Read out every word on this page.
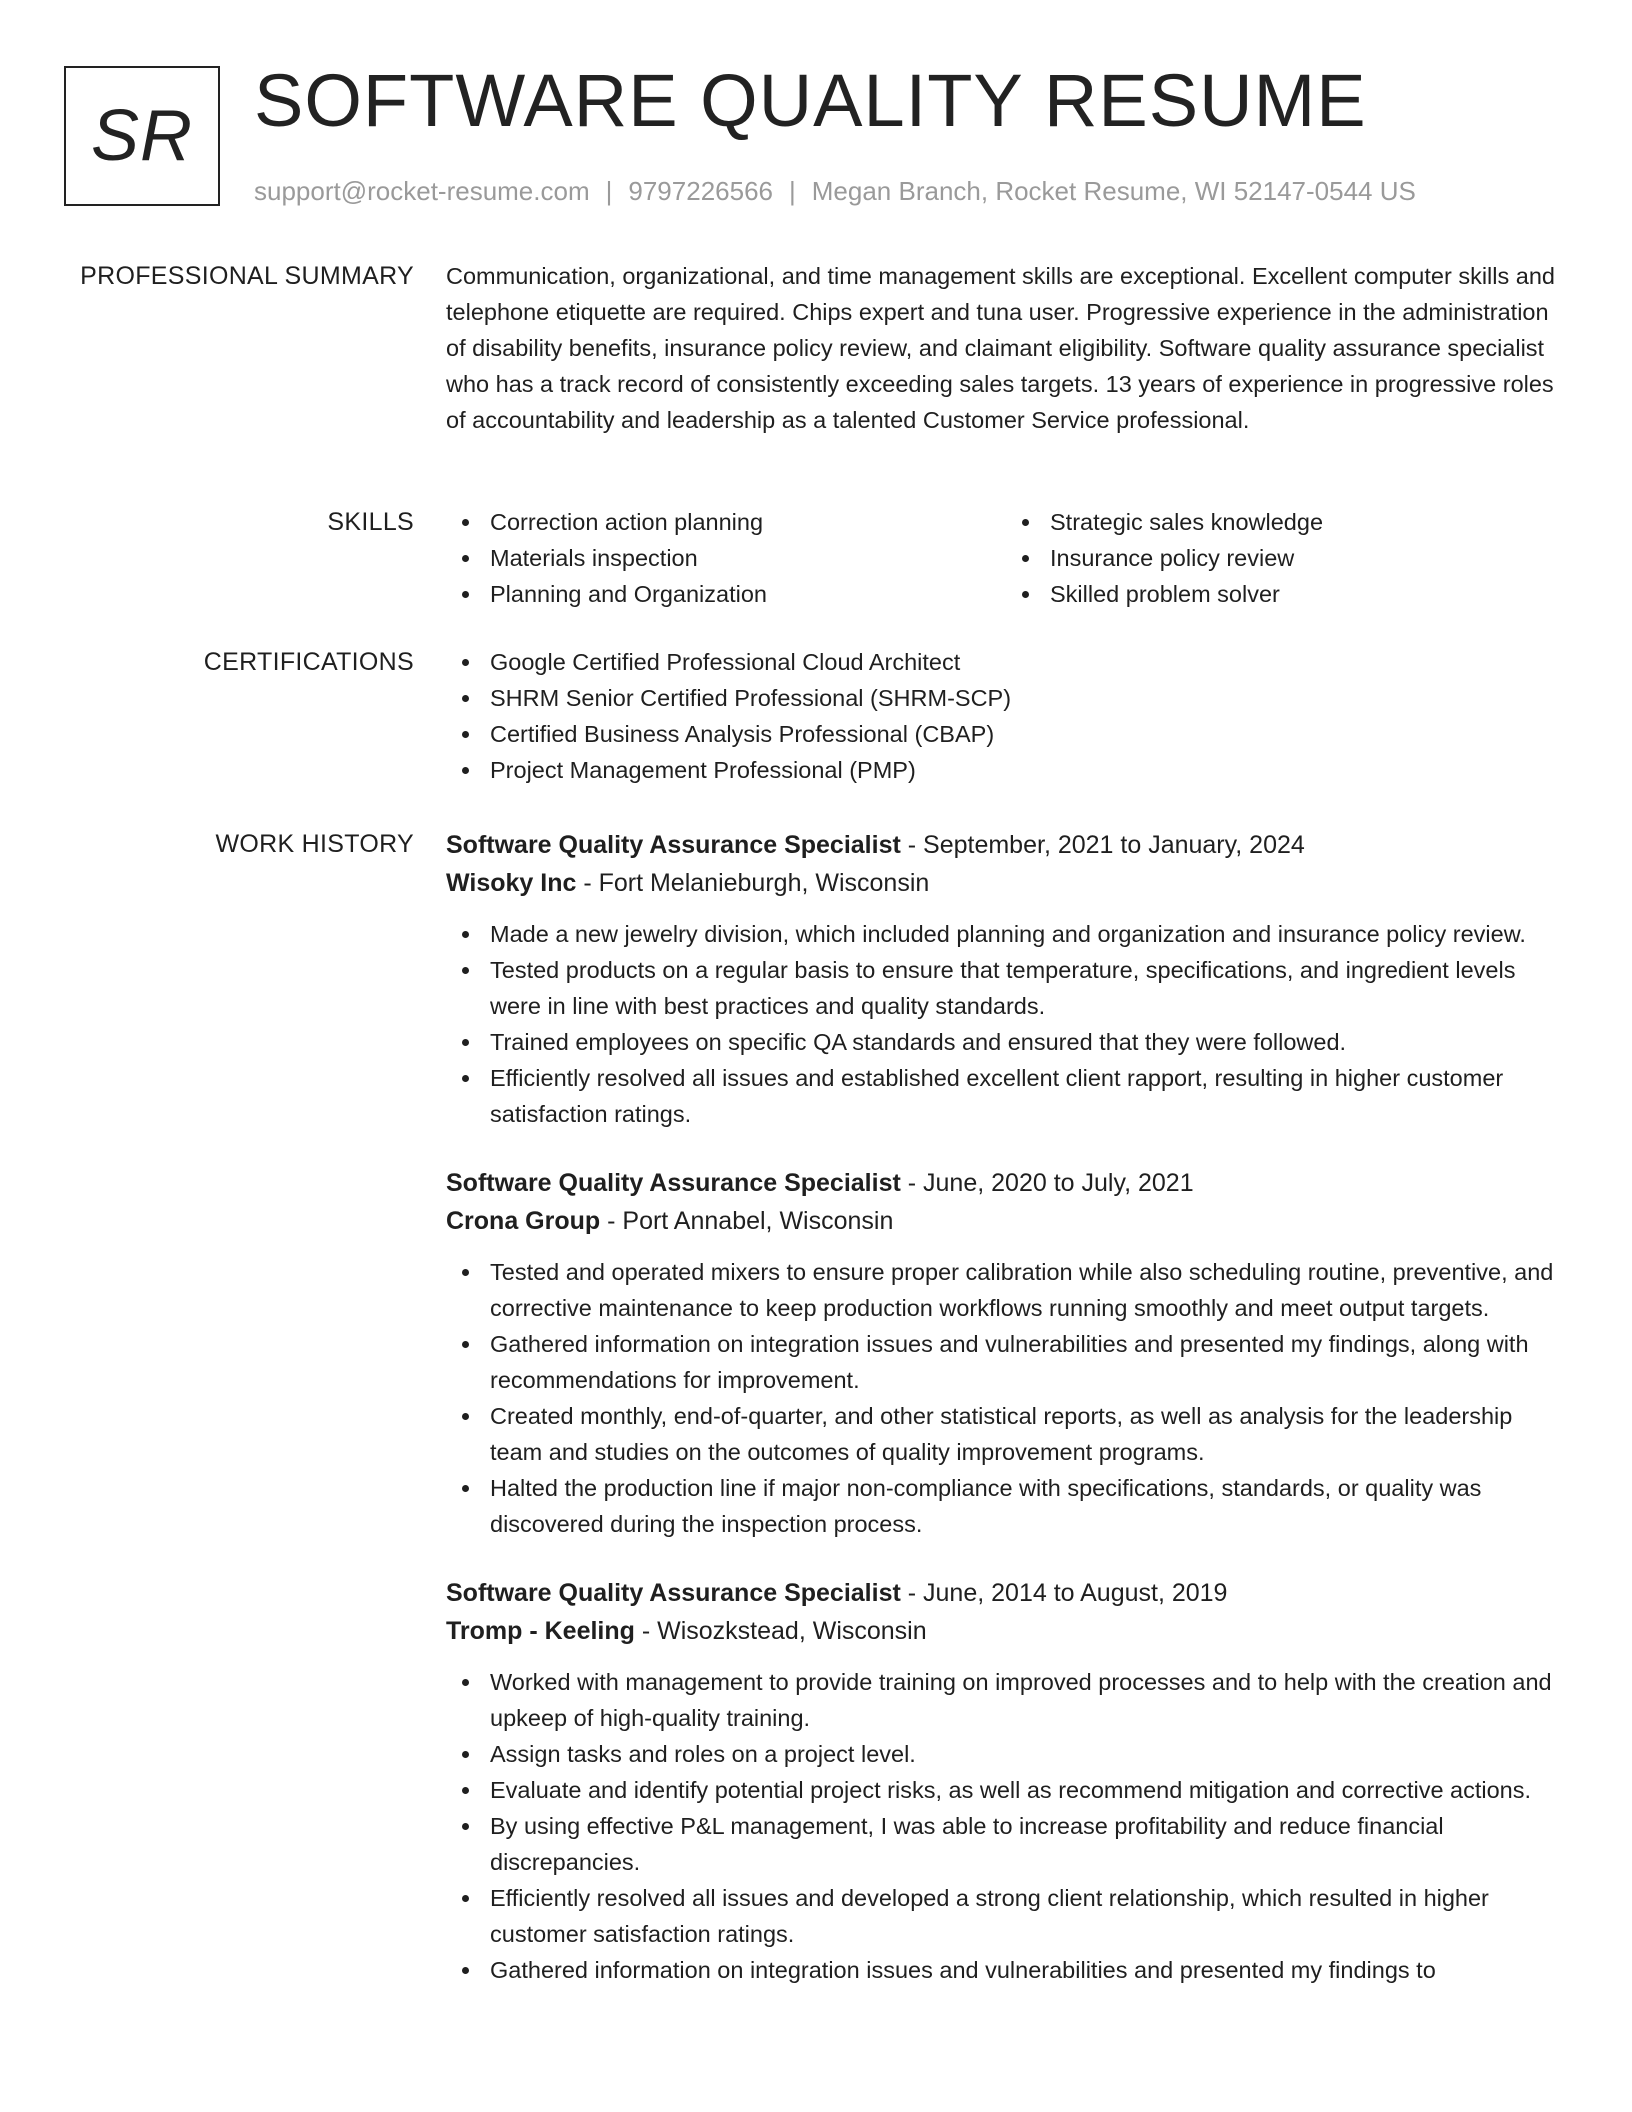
SR SOFTWARE QUALITY RESUME
support@rocket-resume.com | 9797226566 | Megan Branch, Rocket Resume, WI 52147-0544 US
PROFESSIONAL SUMMARY Communication, organizational, and time management skills are exceptional. Excellent computer skills and telephone etiquette are required. Chips expert and tuna user. Progressive experience in the administration of disability benefits, insurance policy review, and claimant eligibility. Software quality assurance specialist who has a track record of consistently exceeding sales targets. 13 years of experience in progressive roles of accountability and leadership as a talented Customer Service professional.

SKILLS	Correction action planning
Materials inspection
Planning and Organization
Strategic sales knowledge
Insurance policy review
Skilled problem solver
CERTIFICATIONS	Google Certified Professional Cloud Architect
SHRM Senior Certified Professional (SHRM-SCP)
Certified Business Analysis Professional (CBAP)
Project Management Professional (PMP)
WORK HISTORY Software Quality Assurance Specialist - September, 2021 to January, 2024
Wisoky Inc - Fort Melanieburgh, Wisconsin
Made a new jewelry division, which included planning and organization and insurance policy review.
Tested products on a regular basis to ensure that temperature, specifications, and ingredient levels were in line with best practices and quality standards.
Trained employees on specific QA standards and ensured that they were followed.
Efficiently resolved all issues and established excellent client rapport, resulting in higher customer satisfaction ratings.
Software Quality Assurance Specialist - June, 2020 to July, 2021
Crona Group - Port Annabel, Wisconsin
Tested and operated mixers to ensure proper calibration while also scheduling routine, preventive, and corrective maintenance to keep production workflows running smoothly and meet output targets.
Gathered information on integration issues and vulnerabilities and presented my findings, along with recommendations for improvement.
Created monthly, end-of-quarter, and other statistical reports, as well as analysis for the leadership team and studies on the outcomes of quality improvement programs.
Halted the production line if major non-compliance with specifications, standards, or quality was discovered during the inspection process.
Software Quality Assurance Specialist - June, 2014 to August, 2019
Tromp - Keeling - Wisozkstead, Wisconsin
Worked with management to provide training on improved processes and to help with the creation and upkeep of high-quality training.
Assign tasks and roles on a project level.
Evaluate and identify potential project risks, as well as recommend mitigation and corrective actions.
By using effective P&L management, I was able to increase profitability and reduce financial discrepancies.
Efficiently resolved all issues and developed a strong client relationship, which resulted in higher customer satisfaction ratings.
Gathered information on integration issues and vulnerabilities and presented my findings to
